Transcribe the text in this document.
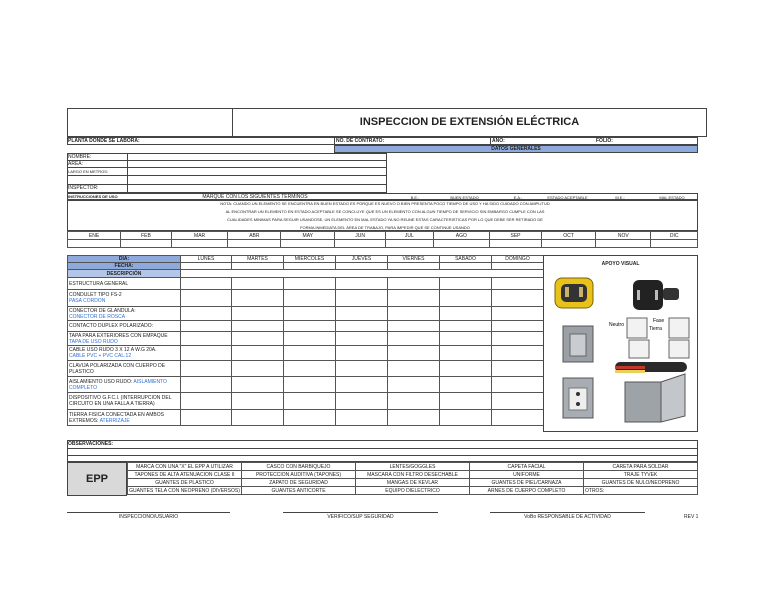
INSPECCION DE EXTENSIÓN ELÉCTRICA
PLANTA DONDE SE LABORA:	NO. DE CONTRATO:	AÑO:	FOLIO:
DATOS GENERALES
NOMBRE:
ÁREA:
LARGO EN METROS:
INSPECTOR:
INSTRUCCIONES DE USO	MARQUE CON LOS SIGUIENTES TERMINOS	B.E.:	BUEN ESTADO	E.A.:	ESTADO ACEPTABLE	M.E.:	MAL ESTADO
NOTA: CUANDO UN ELEMENTO SE ENCUENTRA EN BUEN ESTADO ES PORQUE ES NUEVO O BIEN PRESENTA POCO TIEMPO DE USO Y HA SIDO CUIDADO CON AMPLITUD
AL ENCONTRAR UN ELEMENTO EN ESTADO ACEPTABLE SE CONCLUYE QUE ES UN ELEMENTO CON ALGUN TIEMPO DE SERVICIO SIN EMBARGO CUMPLE CON LAS
CUALIDADES MINIMAS PARA SEGUIR USANDOSE, UN ELEMENTO EN MAL ESTADO YA NO REUNE ESTAS CARACTERISTICAS POR LO QUE DEBE SER RETIRADO DE
FORMA INMEDIATA DEL ÁREA DE TRABAJO, PARA IMPEDIR QUE SE CONTINUE USANDO
ENE	FEB	MAR	ABR	MAY	JUN	JUL	AGO	SEP	OCT	NOV	DIC

DIA:	LUNES	MARTES	MIERCOLES	JUEVES	VIERNES	SABADO	DOMINGO
FECHA:							
DESCRIPCIÓN							
ESTRUCTURA GENERAL							
CONDULET TIPO FS-2
PASA CORDON							
CONECTOR DE GLANDULA:
CONECTOR DE ROSCA							
CONTACTO DUPLEX POLARIZADO:							
TAPA PARA EXTERIORES CON EMPAQUE TAPA DE USO RUDO							
CABLE USO RUDO 3 X 12 A W.G 20A.
CABLE PVC + PVC CAL.12							
CLAVIJA POLARIZADA CON CUERPO DE PLASTICO							
AISLAMIENTO USO RUDO: AISLAMIENTO COMPLETO							
DISPOSITIVO G.F.C.I. (INTERRUPCION DEL CIRCUITO EN UNA FALLA A TIERRA)							
TIERRA FISICA CONECTADA EN AMBOS EXTREMOS: ATERRIZAJE							
APOYO VISUAL
Neutro
Fase
Tierra
OBSERVACIONES:
EPP
MARCA CON UNA "X" EL EPP A UTILIZAR	CASCO CON BARBIQUEJO	LENTES/GOGGLES	CAPETA FACIAL	CARETA PARA SOLDAR
TAPONES DE ALTA ATENUACION CLASE II	PROTECCION AUDITIVA (TAPONES)	MASCARA CON FILTRO DESECHABLE	UNIFORME	TRAJE TYVEK
GUANTES DE PLASTICO	ZAPATO DE SEGURIDAD	MANGAS DE KEVLAR	GUANTES DE PIEL/CARNAZA	GUANTES DE NULO/NEOPRENO
GUANTES TELA CON NEOPRENO (DIVERSOS)	GUANTES ANTICORTE	EQUIPO DIELECTRICO	ARNES DE CUERPO COMPLETO	OTROS:
INSPECCIONO/USUARIO	VERIFICO/SUP SEGURIDAD	VoBo RESPONSABLE DE ACTIVIDAD	REV 1
